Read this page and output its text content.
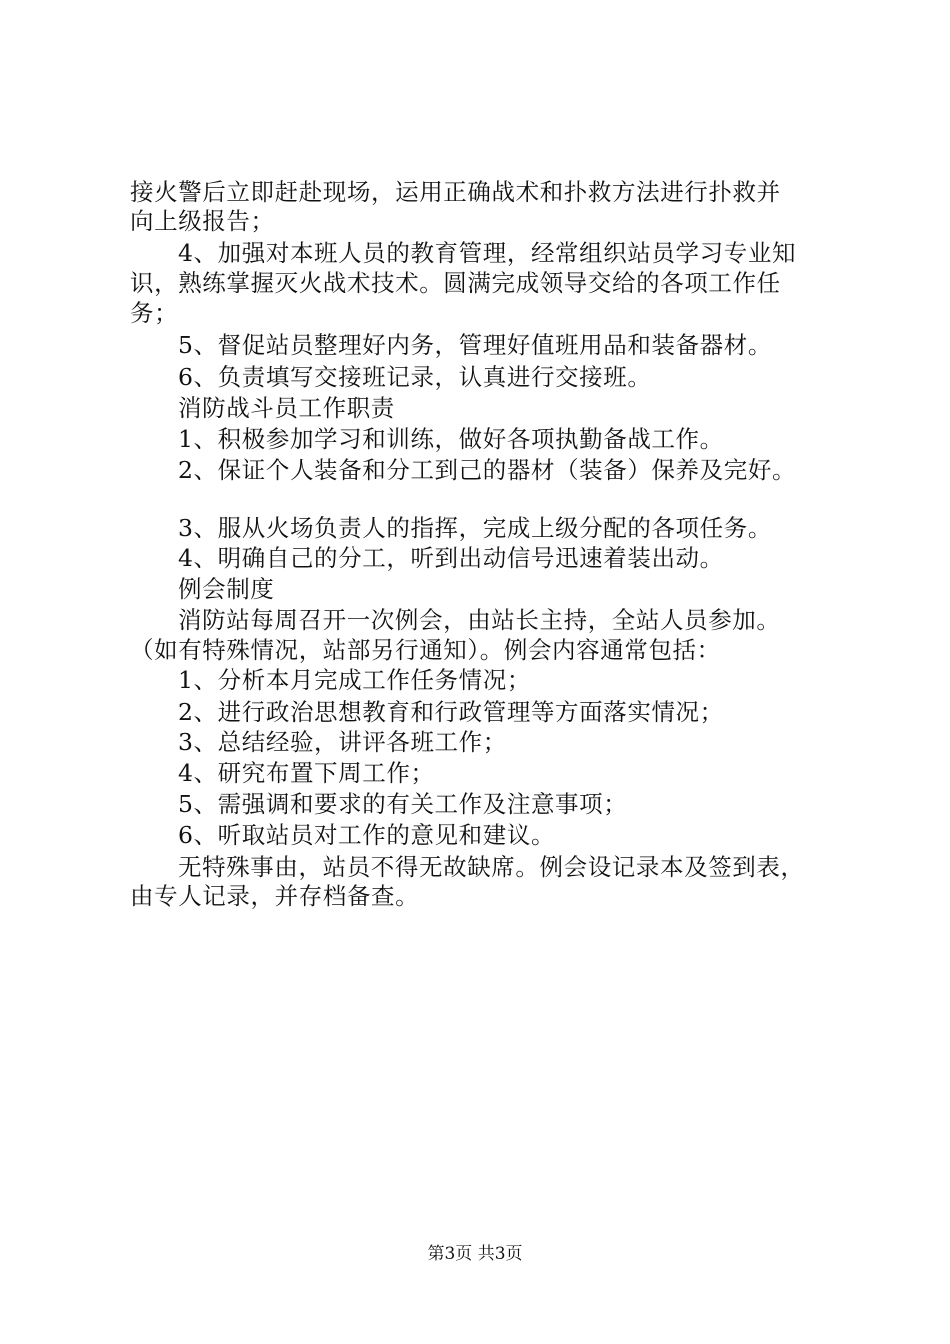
接火警后立即赶赴现场，运用正确战术和扑救方法进行扑救并
向上级报告；
4、加强对本班人员的教育管理，经常组织站员学习专业知
识，熟练掌握灭火战术技术。圆满完成领导交给的各项工作任
务；
5、督促站员整理好内务，管理好值班用品和装备器材。
6、负责填写交接班记录，认真进行交接班。
消防战斗员工作职责
1、积极参加学习和训练，做好各项执勤备战工作。
2、保证个人装备和分工到己的器材（装备）保养及完好。
3、服从火场负责人的指挥，完成上级分配的各项任务。
4、明确自己的分工，听到出动信号迅速着装出动。
例会制度
消防站每周召开一次例会，由站长主持，全站人员参加。
（如有特殊情况，站部另行通知）。例会内容通常包括：
1、分析本月完成工作任务情况；
2、进行政治思想教育和行政管理等方面落实情况；
3、总结经验，讲评各班工作；
4、研究布置下周工作；
5、需强调和要求的有关工作及注意事项；
6、听取站员对工作的意见和建议。
无特殊事由，站员不得无故缺席。例会设记录本及签到表，
由专人记录，并存档备查。
第3页 共3页
